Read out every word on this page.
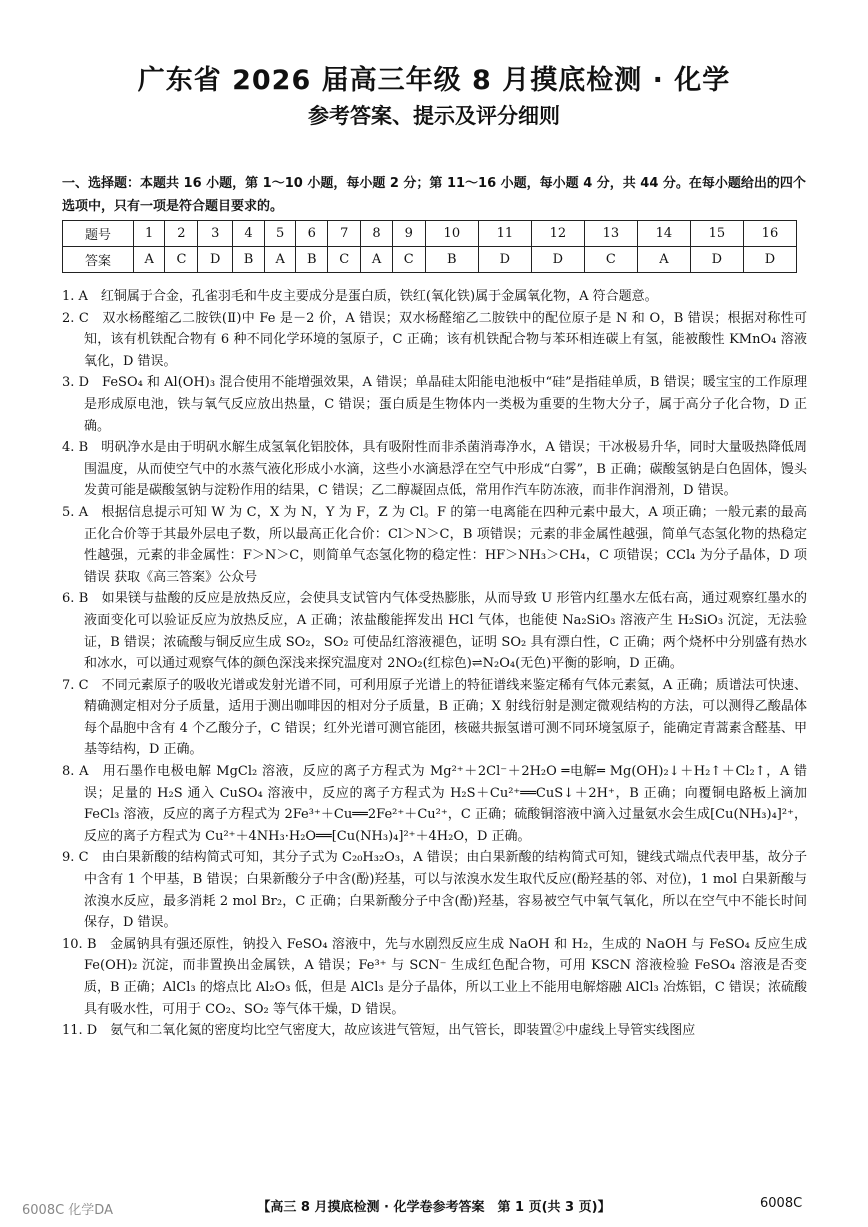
广东省 2026 届高三年级 8 月摸底检测 · 化学
参考答案、提示及评分细则
一、选择题：本题共 16 小题，第 1～10 小题，每小题 2 分；第 11～16 小题，每小题 4 分，共 44 分。在每小题给出的四个选项中，只有一项是符合题目要求的。
题号	1	2	3	4	5	6	7	8	9	10	11	12	13	14	15	16
答案	A	C	D	B	A	B	C	A	C	B	D	D	C	A	D	D

1. A　红铜属于合金，孔雀羽毛和牛皮主要成分是蛋白质，铁红(氧化铁)属于金属氧化物，A 符合题意。

2. C　双水杨醛缩乙二胺铁(Ⅱ)中 Fe 是－2 价，A 错误；双水杨醛缩乙二胺铁中的配位原子是 N 和 O，B 错误；根据对称性可知，该有机铁配合物有 6 种不同化学环境的氢原子，C 正确；该有机铁配合物与苯环相连碳上有氢，能被酸性 KMnO₄ 溶液氧化，D 错误。

3. D　FeSO₄ 和 Al(OH)₃ 混合使用不能增强效果，A 错误；单晶硅太阳能电池板中“硅”是指硅单质，B 错误；暖宝宝的工作原理是形成原电池，铁与氧气反应放出热量，C 错误；蛋白质是生物体内一类极为重要的生物大分子，属于高分子化合物，D 正确。

4. B　明矾净水是由于明矾水解生成氢氧化铝胶体，具有吸附性而非杀菌消毒净水，A 错误；干冰极易升华，同时大量吸热降低周围温度，从而使空气中的水蒸气液化形成小水滴，这些小水滴悬浮在空气中形成“白雾”，B 正确；碳酸氢钠是白色固体，馒头发黄可能是碳酸氢钠与淀粉作用的结果，C 错误；乙二醇凝固点低，常用作汽车防冻液，而非作润滑剂，D 错误。

5. A　根据信息提示可知 W 为 C，X 为 N，Y 为 F，Z 为 Cl。F 的第一电离能在四种元素中最大，A 项正确；一般元素的最高正化合价等于其最外层电子数，所以最高正化合价：Cl＞N＞C，B 项错误；元素的非金属性越强，简单气态氢化物的热稳定性越强，元素的非金属性：F＞N＞C，则简单气态氢化物的稳定性：HF＞NH₃＞CH₄，C 项错误；CCl₄ 为分子晶体，D 项错误 获取《高三答案》公众号

6. B　如果镁与盐酸的反应是放热反应，会使具支试管内气体受热膨胀，从而导致 U 形管内红墨水左低右高，通过观察红墨水的液面变化可以验证反应为放热反应，A 正确；浓盐酸能挥发出 HCl 气体，也能使 Na₂SiO₃ 溶液产生 H₂SiO₃ 沉淀，无法验证，B 错误；浓硫酸与铜反应生成 SO₂，SO₂ 可使品红溶液褪色，证明 SO₂ 具有漂白性，C 正确；两个烧杯中分别盛有热水和冰水，可以通过观察气体的颜色深浅来探究温度对 2NO₂(红棕色)⇌N₂O₄(无色)平衡的影响，D 正确。

7. C　不同元素原子的吸收光谱或发射光谱不同，可利用原子光谱上的特征谱线来鉴定稀有气体元素氦，A 正确；质谱法可快速、精确测定相对分子质量，适用于测出咖啡因的相对分子质量，B 正确；X 射线衍射是测定微观结构的方法，可以测得乙酸晶体每个晶胞中含有 4 个乙酸分子，C 错误；红外光谱可测官能团，核磁共振氢谱可测不同环境氢原子，能确定青蒿素含醛基、甲基等结构，D 正确。

8. A　用石墨作电极电解 MgCl₂ 溶液，反应的离子方程式为 Mg²⁺＋2Cl⁻＋2H₂O ═电解═ Mg(OH)₂↓＋H₂↑＋Cl₂↑，A 错误；足量的 H₂S 通入 CuSO₄ 溶液中，反应的离子方程式为 H₂S＋Cu²⁺══CuS↓＋2H⁺，B 正确；向覆铜电路板上滴加 FeCl₃ 溶液，反应的离子方程式为 2Fe³⁺＋Cu══2Fe²⁺＋Cu²⁺，C 正确；硫酸铜溶液中滴入过量氨水会生成[Cu(NH₃)₄]²⁺，反应的离子方程式为 Cu²⁺＋4NH₃·H₂O══[Cu(NH₃)₄]²⁺＋4H₂O，D 正确。

9. C　由白果新酸的结构简式可知，其分子式为 C₂₀H₃₂O₃，A 错误；由白果新酸的结构简式可知，键线式端点代表甲基，故分子中含有 1 个甲基，B 错误；白果新酸分子中含(酚)羟基，可以与浓溴水发生取代反应(酚羟基的邻、对位)，1 mol 白果新酸与浓溴水反应，最多消耗 2 mol Br₂，C 正确；白果新酸分子中含(酚)羟基，容易被空气中氧气氧化，所以在空气中不能长时间保存，D 错误。

10. B　金属钠具有强还原性，钠投入 FeSO₄ 溶液中，先与水剧烈反应生成 NaOH 和 H₂，生成的 NaOH 与 FeSO₄ 反应生成 Fe(OH)₂ 沉淀，而非置换出金属铁，A 错误；Fe³⁺ 与 SCN⁻ 生成红色配合物，可用 KSCN 溶液检验 FeSO₄ 溶液是否变质，B 正确；AlCl₃ 的熔点比 Al₂O₃ 低，但是 AlCl₃ 是分子晶体，所以工业上不能用电解熔融 AlCl₃ 冶炼铝，C 错误；浓硫酸具有吸水性，可用于 CO₂、SO₂ 等气体干燥，D 错误。

11. D　氨气和二氧化氮的密度均比空气密度大，故应该进气管短，出气管长，即装置②中虚线上导管实线图应

6008C 化学DA	【高三 8 月摸底检测 · 化学卷参考答案　第 1 页(共 3 页)】	6008C
